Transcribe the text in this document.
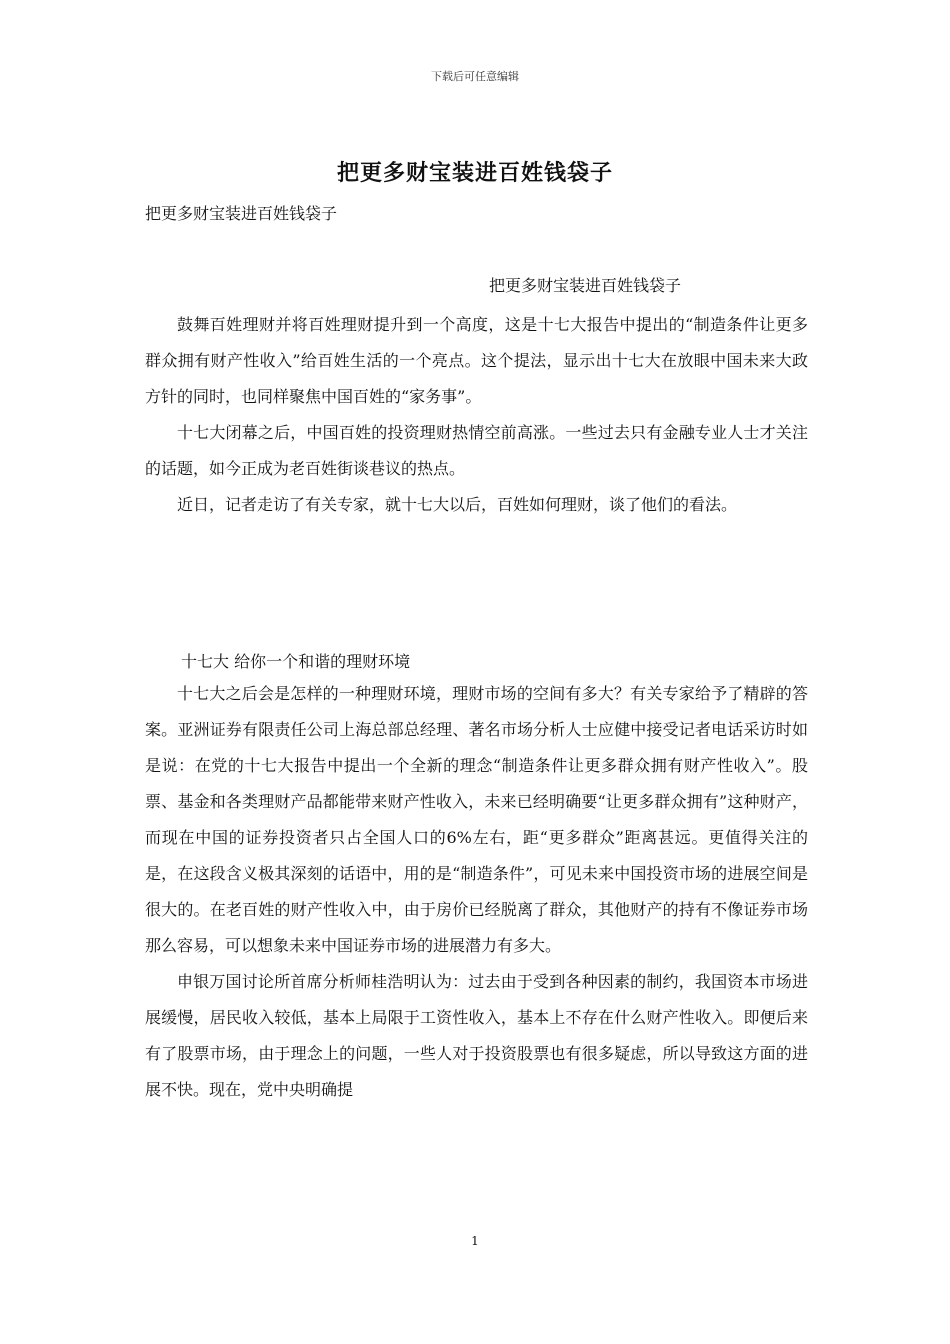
下载后可任意编辑
把更多财宝装进百姓钱袋子
把更多财宝装进百姓钱袋子
把更多财宝装进百姓钱袋子

鼓舞百姓理财并将百姓理财提升到一个高度，这是十七大报告中提出的“制造条件让更多群众拥有财产性收入”给百姓生活的一个亮点。这个提法，显示出十七大在放眼中国未来大政方针的同时，也同样聚焦中国百姓的“家务事”。

十七大闭幕之后，中国百姓的投资理财热情空前高涨。一些过去只有金融专业人士才关注的话题，如今正成为老百姓街谈巷议的热点。

近日，记者走访了有关专家，就十七大以后，百姓如何理财，谈了他们的看法。

十七大 给你一个和谐的理财环境

十七大之后会是怎样的一种理财环境，理财市场的空间有多大？有关专家给予了精辟的答案。亚洲证券有限责任公司上海总部总经理、著名市场分析人士应健中接受记者电话采访时如是说：在党的十七大报告中提出一个全新的理念“制造条件让更多群众拥有财产性收入”。股票、基金和各类理财产品都能带来财产性收入，未来已经明确要“让更多群众拥有”这种财产，而现在中国的证券投资者只占全国人口的6%左右，距“更多群众”距离甚远。更值得关注的是，在这段含义极其深刻的话语中，用的是“制造条件”，可见未来中国投资市场的进展空间是很大的。在老百姓的财产性收入中，由于房价已经脱离了群众，其他财产的持有不像证券市场那么容易，可以想象未来中国证券市场的进展潜力有多大。

申银万国讨论所首席分析师桂浩明认为：过去由于受到各种因素的制约，我国资本市场进展缓慢，居民收入较低，基本上局限于工资性收入，基本上不存在什么财产性收入。即便后来有了股票市场，由于理念上的问题，一些人对于投资股票也有很多疑虑，所以导致这方面的进展不快。现在，党中央明确提

1
